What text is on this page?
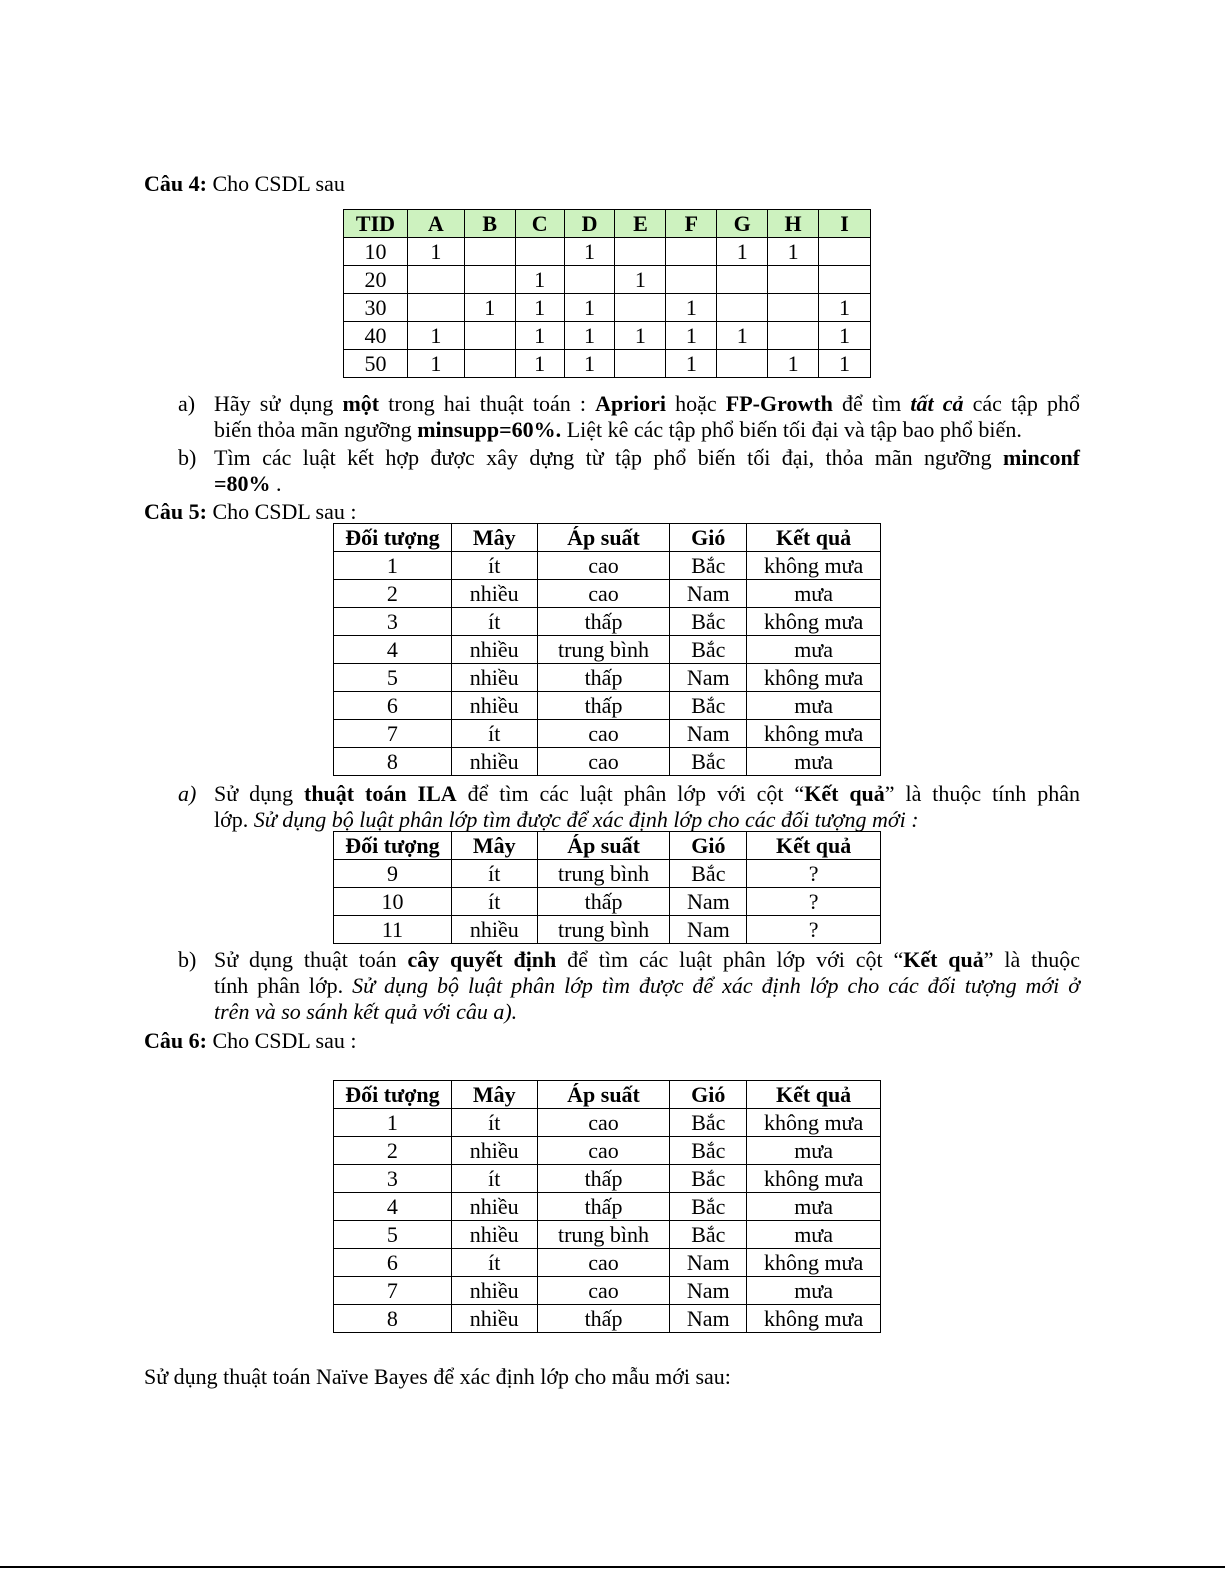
Câu 4: Cho CSDL sau
TID	A	B	C	D	E	F	G	H	I
10	1			1			1	1	
20			1		1				
30		1	1	1		1			1
40	1		1	1	1	1	1		1
50	1		1	1		1		1	1
a) Hãy sử dụng một trong hai thuật toán : Apriori hoặc FP-Growth để tìm tất cả các tập phổ
biến thỏa mãn ngưỡng minsupp=60%. Liệt kê các tập phổ biến tối đại và tập bao phổ biến.
b) Tìm các luật kết hợp được xây dựng từ tập phổ biến tối đại, thỏa mãn ngưỡng minconf
=80% .
Câu 5: Cho CSDL sau :
Đối tượng	Mây	Áp suất	Gió	Kết quả
1	ít	cao	Bắc	không mưa
2	nhiều	cao	Nam	mưa
3	ít	thấp	Bắc	không mưa
4	nhiều	trung bình	Bắc	mưa
5	nhiều	thấp	Nam	không mưa
6	nhiều	thấp	Bắc	mưa
7	ít	cao	Nam	không mưa
8	nhiều	cao	Bắc	mưa
a) Sử dụng thuật toán ILA để tìm các luật phân lớp với cột “Kết quả” là thuộc tính phân
lớp. Sử dụng bộ luật phân lớp tìm được để xác định lớp cho các đối tượng mới :
Đối tượng	Mây	Áp suất	Gió	Kết quả
9	ít	trung bình	Bắc	?
10	ít	thấp	Nam	?
11	nhiều	trung bình	Nam	?
b) Sử dụng thuật toán cây quyết định để tìm các luật phân lớp với cột “Kết quả” là thuộc
tính phân lớp. Sử dụng bộ luật phân lớp tìm được để xác định lớp cho các đối tượng mới ở
trên và so sánh kết quả với câu a).
Câu 6: Cho CSDL sau :
Đối tượng	Mây	Áp suất	Gió	Kết quả
1	ít	cao	Bắc	không mưa
2	nhiều	cao	Bắc	mưa
3	ít	thấp	Bắc	không mưa
4	nhiều	thấp	Bắc	mưa
5	nhiều	trung bình	Bắc	mưa
6	ít	cao	Nam	không mưa
7	nhiều	cao	Nam	mưa
8	nhiều	thấp	Nam	không mưa
Sử dụng thuật toán Naïve Bayes để xác định lớp cho mẫu mới sau:
